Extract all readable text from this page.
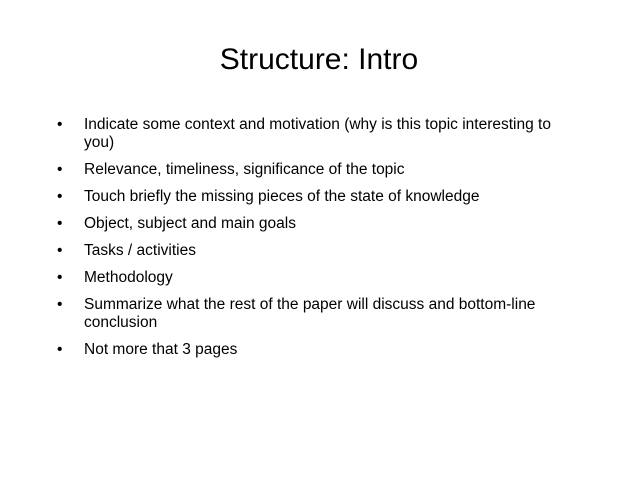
Structure: Intro
•	Indicate some context and motivation (why is this topic interesting to you)
•	Relevance, timeliness, significance of the topic
•	Touch briefly the missing pieces of the state of knowledge
•	Object, subject and main goals
•	Tasks / activities
•	Methodology
•	Summarize what the rest of the paper will discuss and bottom-line conclusion
•	Not more that 3 pages
